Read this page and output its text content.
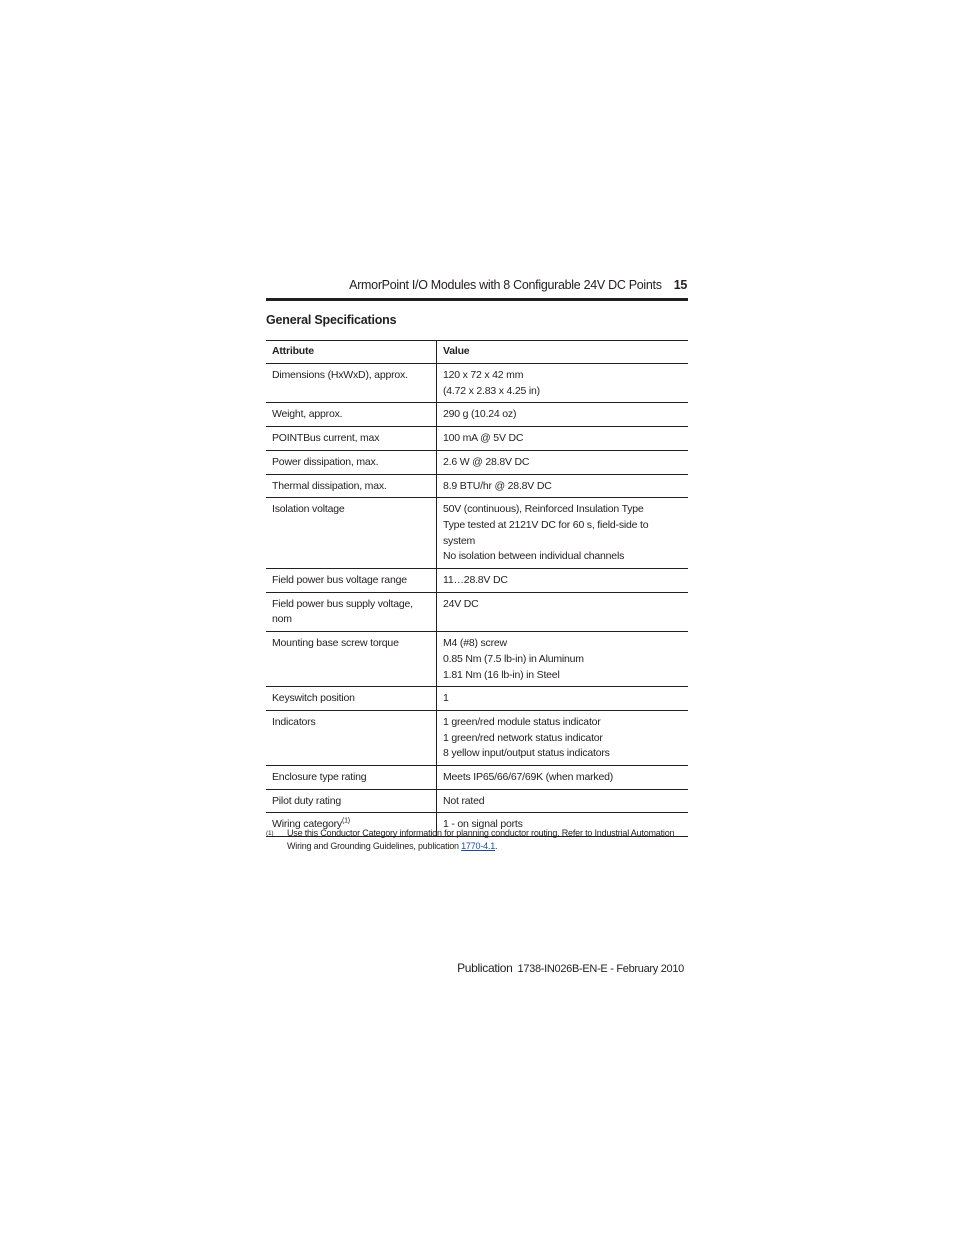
ArmorPoint I/O Modules with 8 Configurable 24V DC Points 15
General Specifications
Attribute	Value
Dimensions (HxWxD), approx.	120 x 72 x 42 mm
(4.72 x 2.83 x 4.25 in)

Weight, approx.	290 g (10.24 oz)

POINTBus current, max	100 mA @ 5V DC

Power dissipation, max.	2.6 W @ 28.8V DC

Thermal dissipation, max.	8.9 BTU/hr @ 28.8V DC

Isolation voltage	50V (continuous), Reinforced Insulation Type
Type tested at 2121V DC for 60 s, field-side to system
No isolation between individual channels

Field power bus voltage range	11…28.8V DC

Field power bus supply voltage, nom	24V DC

Mounting base screw torque	M4 (#8) screw
0.85 Nm (7.5 lb-in) in Aluminum
1.81 Nm (16 lb-in) in Steel

Keyswitch position	1

Indicators	1 green/red module status indicator
1 green/red network status indicator
8 yellow input/output status indicators

Enclosure type rating	Meets IP65/66/67/69K (when marked)

Pilot duty rating	Not rated

Wiring category$^{(1)}$	1 - on signal ports
(1)	Use this Conductor Category information for planning conductor routing. Refer to Industrial Automation Wiring and Grounding Guidelines, publication 1770-4.1.
Publication 1738-IN026B-EN-E - February 2010
